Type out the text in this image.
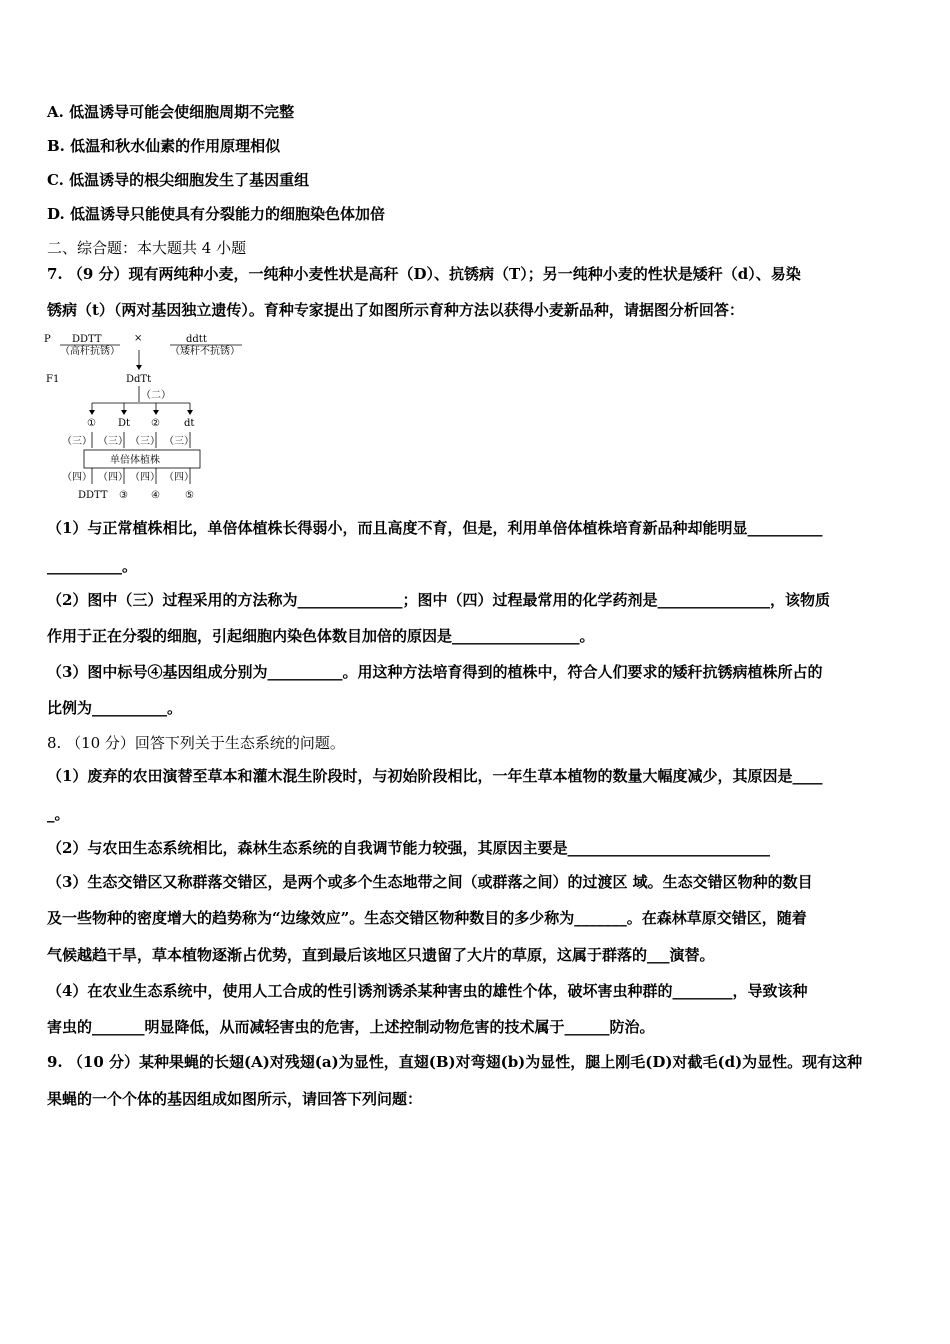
A. 低温诱导可能会使细胞周期不完整
B. 低温和秋水仙素的作用原理相似
C. 低温诱导的根尖细胞发生了基因重组
D. 低温诱导只能使具有分裂能力的细胞染色体加倍
二、综合题：本大题共 4 小题
7. （9 分）现有两纯种小麦，一纯种小麦性状是高秆（D）、抗锈病（T）；另一纯种小麦的性状是矮秆（d）、易染
锈病（t）（两对基因独立遗传）。育种专家提出了如图所示育种方法以获得小麦新品种，请据图分析回答：
P DDTT
（高秆抗锈）
×	ddtt
（矮秆不抗锈）
F1	DdTt
（二）
① Dt ② dt
（三） （三） （三） （三）
单倍体植株
（四） （四） （四） （四）
DDTT ③ ④	⑤
（1）与正常植株相比，单倍体植株长得弱小，而且高度不育，但是，利用单倍体植株培育新品种却能明显__________
__________。
（2）图中（三）过程采用的方法称为______________；图中（四）过程最常用的化学药剂是_______________，该物质
作用于正在分裂的细胞，引起细胞内染色体数目加倍的原因是_________________。
（3）图中标号④基因组成分别为__________。用这种方法培育得到的植株中，符合人们要求的矮秆抗锈病植株所占的
比例为__________。
8. （10 分）回答下列关于生态系统的问题。
（1）废弃的农田演替至草本和灌木混生阶段时，与初始阶段相比，一年生草本植物的数量大幅度减少，其原因是____
_。
（2）与农田生态系统相比，森林生态系统的自我调节能力较强，其原因主要是___________________________
（3）生态交错区又称群落交错区，是两个或多个生态地带之间（或群落之间）的过渡区 域。生态交错区物种的数目
及一些物种的密度增大的趋势称为“边缘效应”。生态交错区物种数目的多少称为_______。在森林草原交错区，随着
气候越趋干旱，草本植物逐渐占优势，直到最后该地区只遗留了大片的草原，这属于群落的___演替。
（4）在农业生态系统中，使用人工合成的性引诱剂诱杀某种害虫的雄性个体，破坏害虫种群的________，导致该种
害虫的_______明显降低，从而减轻害虫的危害，上述控制动物危害的技术属于______防治。
9. （10 分）某种果蝇的长翅(A)对残翅(a)为显性，直翅(B)对弯翅(b)为显性，腿上刚毛(D)对截毛(d)为显性。现有这种
果蝇的一个个体的基因组成如图所示，请回答下列问题：
